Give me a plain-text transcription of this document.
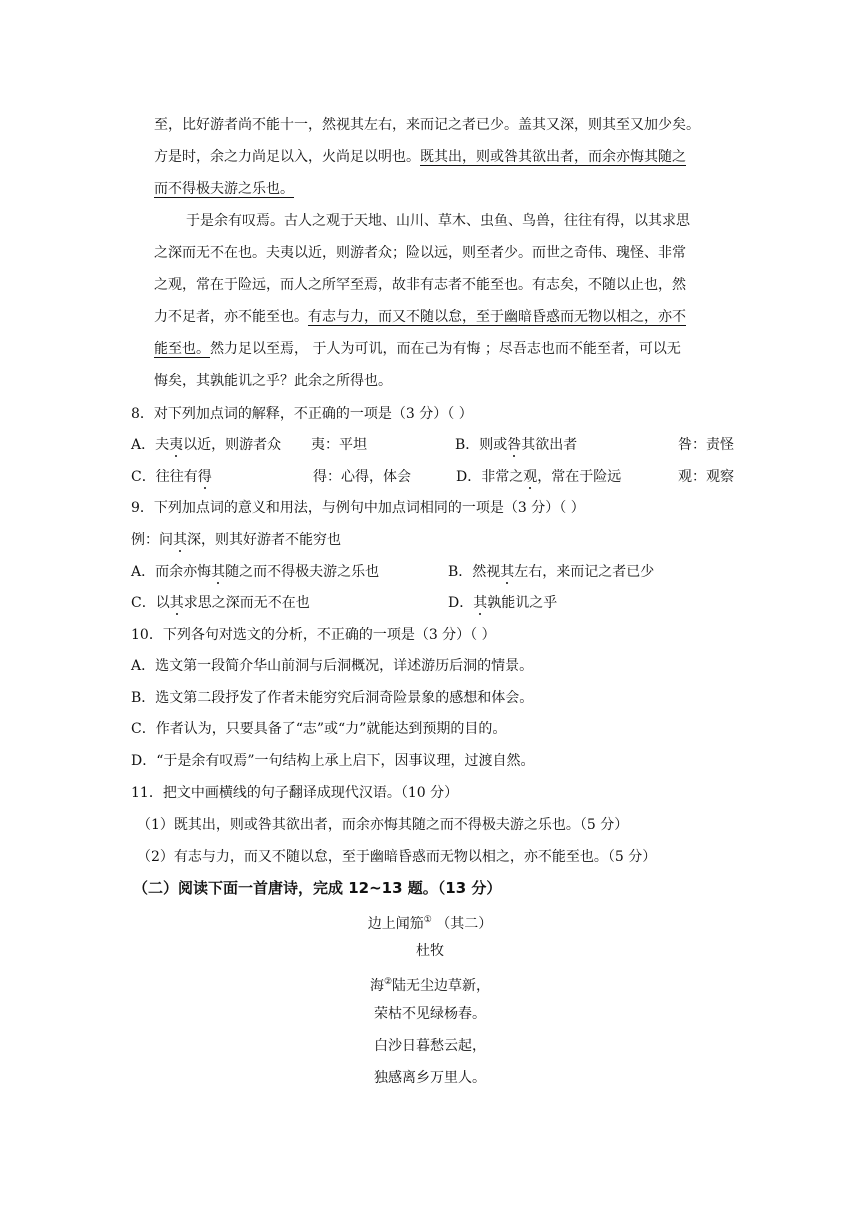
至，比好游者尚不能十一，然视其左右，来而记之者已少。盖其又深，则其至又加少矣。
方是时，余之力尚足以入，火尚足以明也。既其出，则或咎其欲出者，而余亦悔其随之
而不得极夫游之乐也。
于是余有叹焉。古人之观于天地、山川、草木、虫鱼、鸟兽，往往有得，以其求思
之深而无不在也。夫夷以近，则游者众；险以远，则至者少。而世之奇伟、瑰怪、非常
之观，常在于险远，而人之所罕至焉，故非有志者不能至也。有志矣，不随以止也，然
力不足者，亦不能至也。有志与力，而又不随以怠，至于幽暗昏惑而无物以相之，亦不
能至也。然力足以至焉， 于人为可讥，而在己为有悔 ；尽吾志也而不能至者，可以无
悔矣，其孰能讥之乎？此余之所得也。
8．对下列加点词的解释，不正确的一项是（3 分）（ ）
A．夫夷以近，则游者众 夷：平坦	B．则或咎其欲出者	咎：责怪
C．往往有得	得：心得，体会	D．非常之观，常在于险远	观：观察
9．下列加点词的意义和用法，与例句中加点词相同的一项是（3 分）（ ）
例：问其深，则其好游者不能穷也
A．而余亦悔其随之而不得极夫游之乐也	B．然视其左右，来而记之者已少
C．以其求思之深而无不在也	D．其孰能讥之乎
10．下列各句对选文的分析，不正确的一项是（3 分）（ ）
A．选文第一段简介华山前洞与后洞概况，详述游历后洞的情景。
B．选文第二段抒发了作者未能穷究后洞奇险景象的感想和体会。
C．作者认为，只要具备了“志”或“力”就能达到预期的目的。
D．“于是余有叹焉”一句结构上承上启下，因事议理，过渡自然。
11．把文中画横线的句子翻译成现代汉语。（10 分）
（1）既其出，则或咎其欲出者，而余亦悔其随之而不得极夫游之乐也。（5 分）
（2）有志与力，而又不随以怠，至于幽暗昏惑而无物以相之，亦不能至也。（5 分）
（二）阅读下面一首唐诗，完成 12~13 题。（13 分）
边上闻笳① （其二）
杜牧
海②陆无尘边草新，
荣枯不见绿杨春。
白沙日暮愁云起，
独感离乡万里人。
